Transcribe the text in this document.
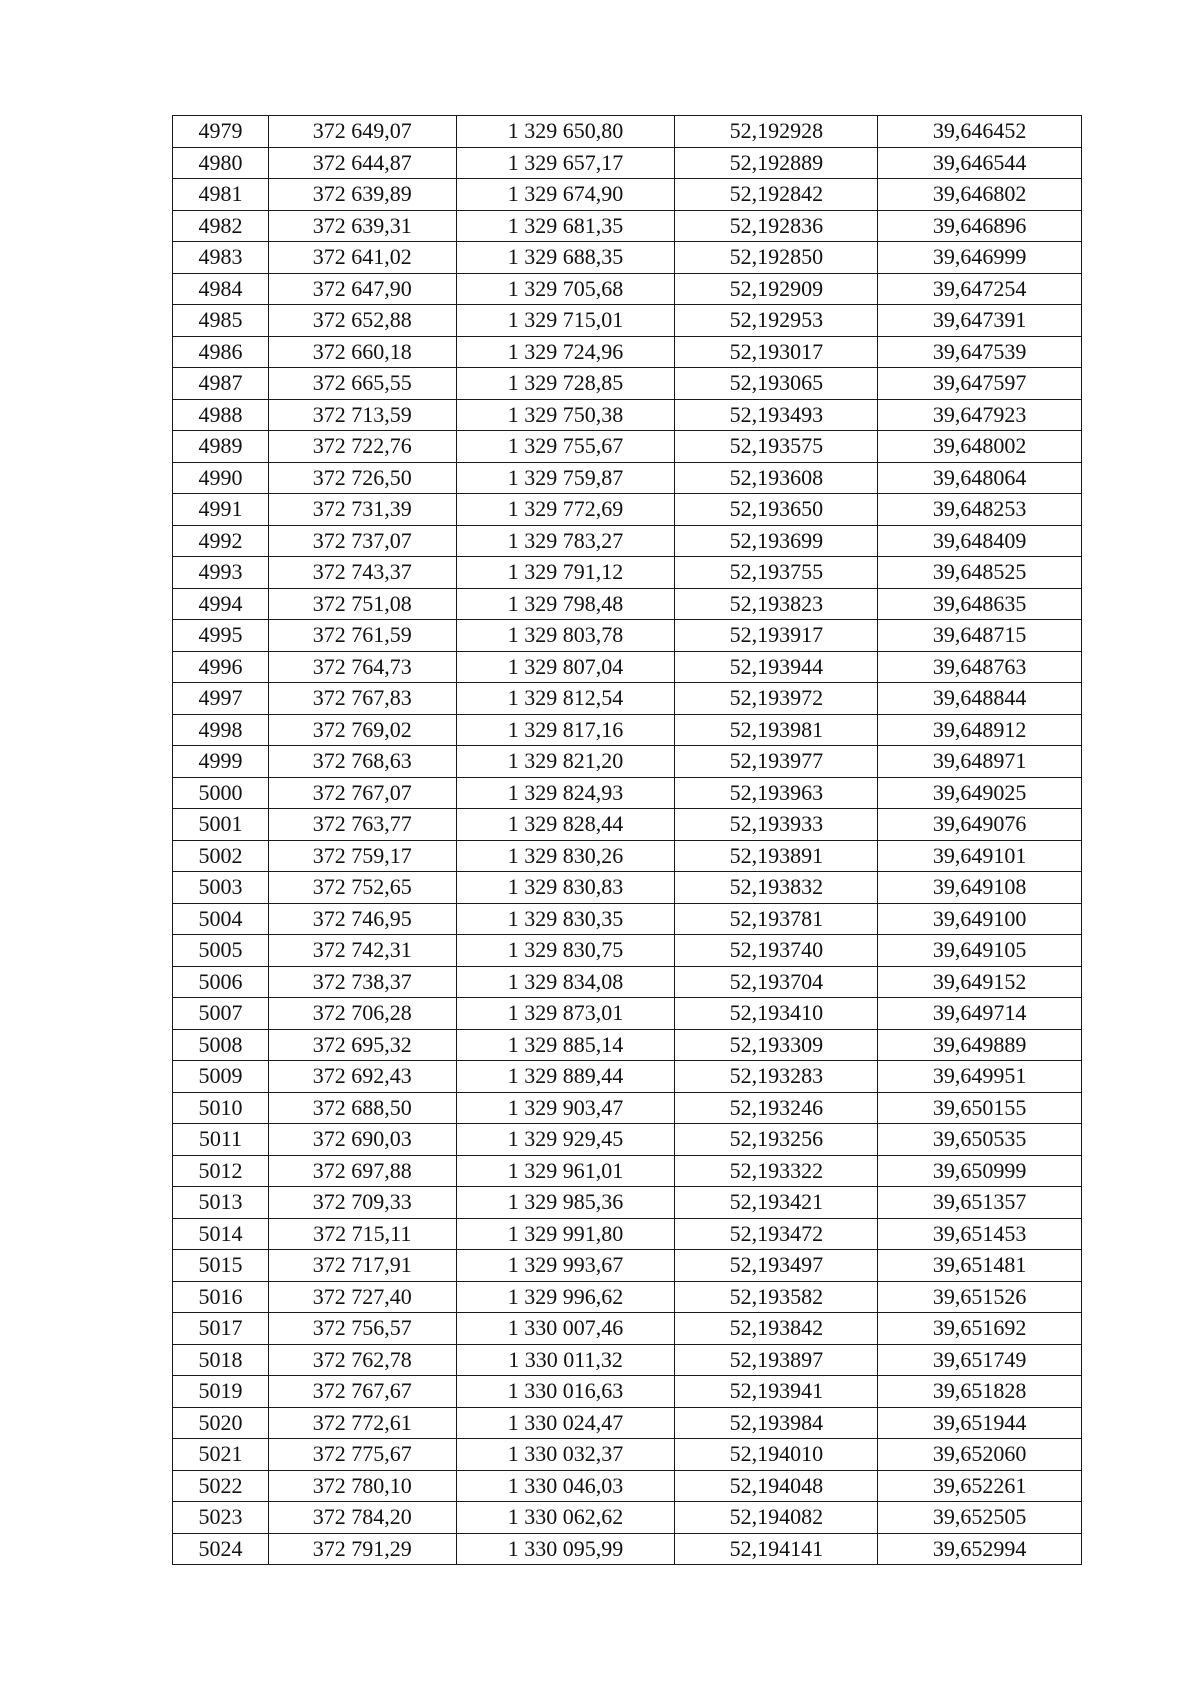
4979	372 649,07	1 329 650,80	52,192928	39,646452
4980	372 644,87	1 329 657,17	52,192889	39,646544
4981	372 639,89	1 329 674,90	52,192842	39,646802
4982	372 639,31	1 329 681,35	52,192836	39,646896
4983	372 641,02	1 329 688,35	52,192850	39,646999
4984	372 647,90	1 329 705,68	52,192909	39,647254
4985	372 652,88	1 329 715,01	52,192953	39,647391
4986	372 660,18	1 329 724,96	52,193017	39,647539
4987	372 665,55	1 329 728,85	52,193065	39,647597
4988	372 713,59	1 329 750,38	52,193493	39,647923
4989	372 722,76	1 329 755,67	52,193575	39,648002
4990	372 726,50	1 329 759,87	52,193608	39,648064
4991	372 731,39	1 329 772,69	52,193650	39,648253
4992	372 737,07	1 329 783,27	52,193699	39,648409
4993	372 743,37	1 329 791,12	52,193755	39,648525
4994	372 751,08	1 329 798,48	52,193823	39,648635
4995	372 761,59	1 329 803,78	52,193917	39,648715
4996	372 764,73	1 329 807,04	52,193944	39,648763
4997	372 767,83	1 329 812,54	52,193972	39,648844
4998	372 769,02	1 329 817,16	52,193981	39,648912
4999	372 768,63	1 329 821,20	52,193977	39,648971
5000	372 767,07	1 329 824,93	52,193963	39,649025
5001	372 763,77	1 329 828,44	52,193933	39,649076
5002	372 759,17	1 329 830,26	52,193891	39,649101
5003	372 752,65	1 329 830,83	52,193832	39,649108
5004	372 746,95	1 329 830,35	52,193781	39,649100
5005	372 742,31	1 329 830,75	52,193740	39,649105
5006	372 738,37	1 329 834,08	52,193704	39,649152
5007	372 706,28	1 329 873,01	52,193410	39,649714
5008	372 695,32	1 329 885,14	52,193309	39,649889
5009	372 692,43	1 329 889,44	52,193283	39,649951
5010	372 688,50	1 329 903,47	52,193246	39,650155
5011	372 690,03	1 329 929,45	52,193256	39,650535
5012	372 697,88	1 329 961,01	52,193322	39,650999
5013	372 709,33	1 329 985,36	52,193421	39,651357
5014	372 715,11	1 329 991,80	52,193472	39,651453
5015	372 717,91	1 329 993,67	52,193497	39,651481
5016	372 727,40	1 329 996,62	52,193582	39,651526
5017	372 756,57	1 330 007,46	52,193842	39,651692
5018	372 762,78	1 330 011,32	52,193897	39,651749
5019	372 767,67	1 330 016,63	52,193941	39,651828
5020	372 772,61	1 330 024,47	52,193984	39,651944
5021	372 775,67	1 330 032,37	52,194010	39,652060
5022	372 780,10	1 330 046,03	52,194048	39,652261
5023	372 784,20	1 330 062,62	52,194082	39,652505
5024	372 791,29	1 330 095,99	52,194141	39,652994
